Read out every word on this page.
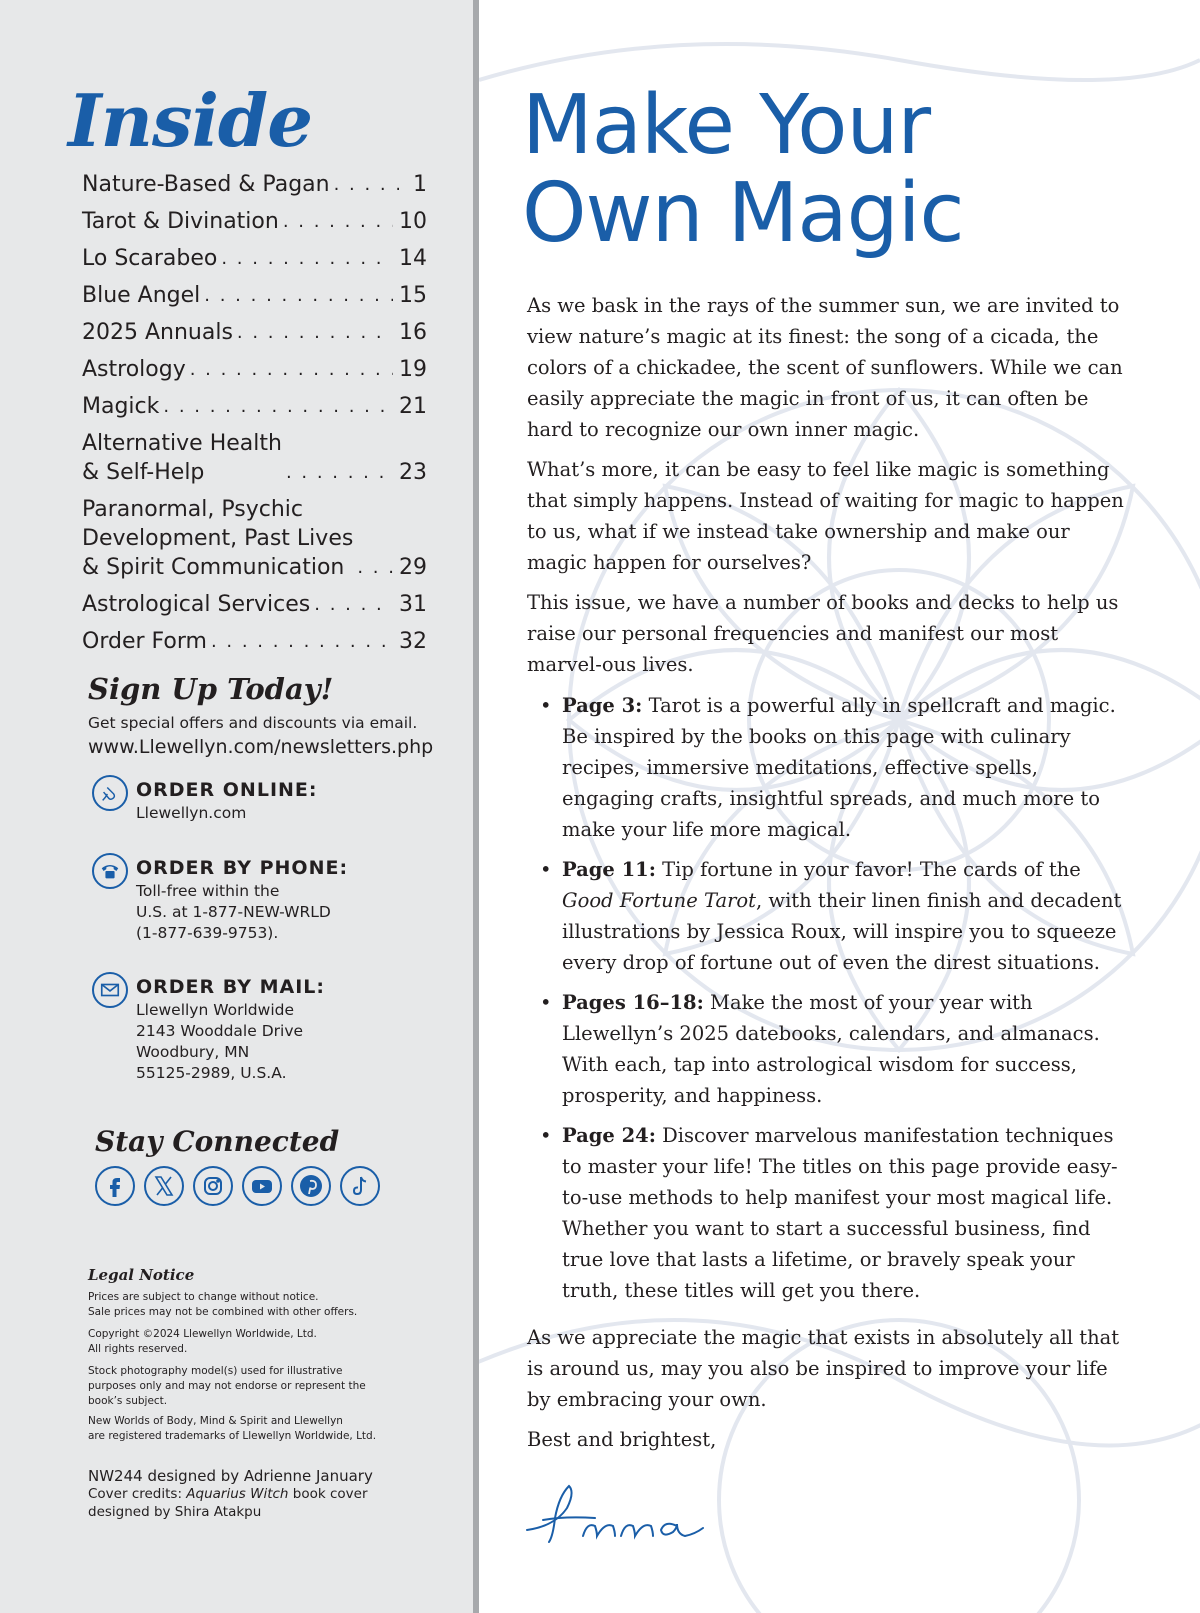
Inside
Nature-Based & Pagan . . .	1
Tarot & Divination . . .	10
Lo Scarabeo . . .	14
Blue Angel . . .	15
2025 Annuals . . .	16
Astrology . . .	19
Magick . . .	21
Alternative Health
& Self-Help . . .	23
Paranormal, Psychic
Development, Past Lives
& Spirit Communication . . .	29
Astrological Services . . .	31
Order Form . . .	32
Sign Up Today!
Get special offers and discounts via email.
www.Llewellyn.com/newsletters.php
ORDER ONLINE:
Llewellyn.com
ORDER BY PHONE:
Toll-free within the
U.S. at 1-877-NEW-WRLD
(1-877-639-9753).
ORDER BY MAIL:
Llewellyn Worldwide
2143 Wooddale Drive
Woodbury, MN
55125-2989, U.S.A.
Stay Connected
Legal Notice
Prices are subject to change without notice.
Sale prices may not be combined with other offers.
Copyright ©2024 Llewellyn Worldwide, Ltd.
All rights reserved.
Stock photography model(s) used for illustrative
purposes only and may not endorse or represent the
book’s subject.
New Worlds of Body, Mind & Spirit and Llewellyn
are registered trademarks of Llewellyn Worldwide, Ltd.
NW244 designed by Adrienne January
Cover credits: Aquarius Witch book cover
designed by Shira Atakpu
Make Your
Own Magic

As we bask in the rays of the summer sun, we are invited to view nature’s magic at its finest: the song of a cicada, the colors of a chickadee, the scent of sunflowers. While we can easily appreciate the magic in front of us, it can often be hard to recognize our own inner magic.

What’s more, it can be easy to feel like magic is something that simply happens. Instead of waiting for magic to happen to us, what if we instead take ownership and make our magic happen for ourselves?

This issue, we have a number of books and decks to help us raise our personal frequencies and manifest our most marvel-ous lives.

• Page 3: Tarot is a powerful ally in spellcraft and magic. Be inspired by the books on this page with culinary recipes, immersive meditations, effective spells, engaging crafts, insightful spreads, and much more to make your life more magical.
• Page 11: Tip fortune in your favor! The cards of the Good Fortune Tarot, with their linen finish and decadent illustrations by Jessica Roux, will inspire you to squeeze every drop of fortune out of even the direst situations.
• Pages 16–18: Make the most of your year with Llewellyn’s 2025 datebooks, calendars, and almanacs. With each, tap into astrological wisdom for success, prosperity, and happiness.
• Page 24: Discover marvelous manifestation techniques to master your life! The titles on this page provide easy-to-use methods to help manifest your most magical life. Whether you want to start a successful business, find true love that lasts a lifetime, or bravely speak your truth, these titles will get you there.

As we appreciate the magic that exists in absolutely all that is around us, may you also be inspired to improve your life by embracing your own.

Best and brightest,
